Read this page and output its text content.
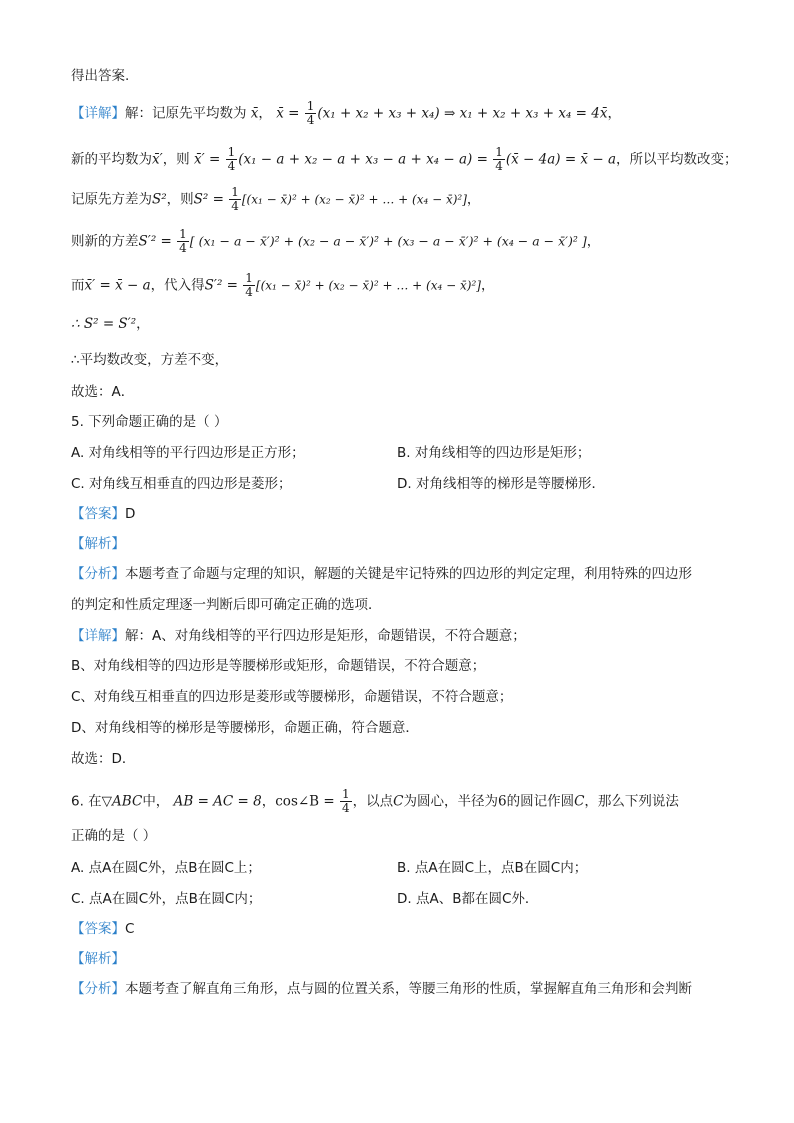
得出答案.
【详解】解：记原先平均数为 x̄， x̄ = $\frac{1}{4} (x_1 + x_2 + x_3 + x_4)$ ⇒ x₁ + x₂ + x₃ + x₄ = 4x̄，
新的平均数为x̄′，则 x̄′ = $\frac{1}{4} (x_1 - a + x_2 - a + x_3 - a + x_4 - a) = \frac{1}{4}$ (x̄ − 4a) = x̄ − a，所以平均数改变；
记原先方差为S²，则$S^2 = \frac{1}{4} [(x_1$ − x̄)² + (x₂ − x̄)² + … + (x₄ − x̄)²]，
则新的方差$S'^2 = \frac{1}{4}$ [ (x₁ − a − x̄′)² + (x₂ − a − x̄′)² + (x₃ − a − x̄′)² + (x₄ − a − x̄′)² ]，
而x̄′ = x̄ − a，代入得$S'^2 = \frac{1}{4} [(x_1$ − x̄)² + (x₂ − x̄)² + … + (x₄ − x̄)²]，
∴ S² = S′²，
∴平均数改变，方差不变，
故选：A．
5. 下列命题正确的是（ ）
A. 对角线相等的平行四边形是正方形；	B. 对角线相等的四边形是矩形；
C. 对角线互相垂直的四边形是菱形；	D. 对角线相等的梯形是等腰梯形．
【答案】D
【解析】
【分析】本题考查了命题与定理的知识，解题的关键是牢记特殊的四边形的判定定理，利用特殊的四边形
的判定和性质定理逐一判断后即可确定正确的选项．
【详解】解：A、对角线相等的平行四边形是矩形，命题错误，不符合题意；
B、对角线相等的四边形是等腰梯形或矩形，命题错误，不符合题意；
C、对角线互相垂直的四边形是菱形或等腰梯形，命题错误，不符合题意；
D、对角线相等的梯形是等腰梯形，命题正确，符合题意．
故选：D．
6. 在▽ABC中， AB = AC = 8，cos∠B = $\frac{1}{4}$ ，以点C为圆心，半径为6的圆记作圆C，那么下列说法
正确的是（ ）
A. 点A在圆C外，点B在圆C上；	B. 点A在圆C上，点B在圆C内；
C. 点A在圆C外，点B在圆C内；	D. 点A、B都在圆C外．
【答案】C
【解析】
【分析】本题考查了解直角三角形，点与圆的位置关系，等腰三角形的性质，掌握解直角三角形和会判断
